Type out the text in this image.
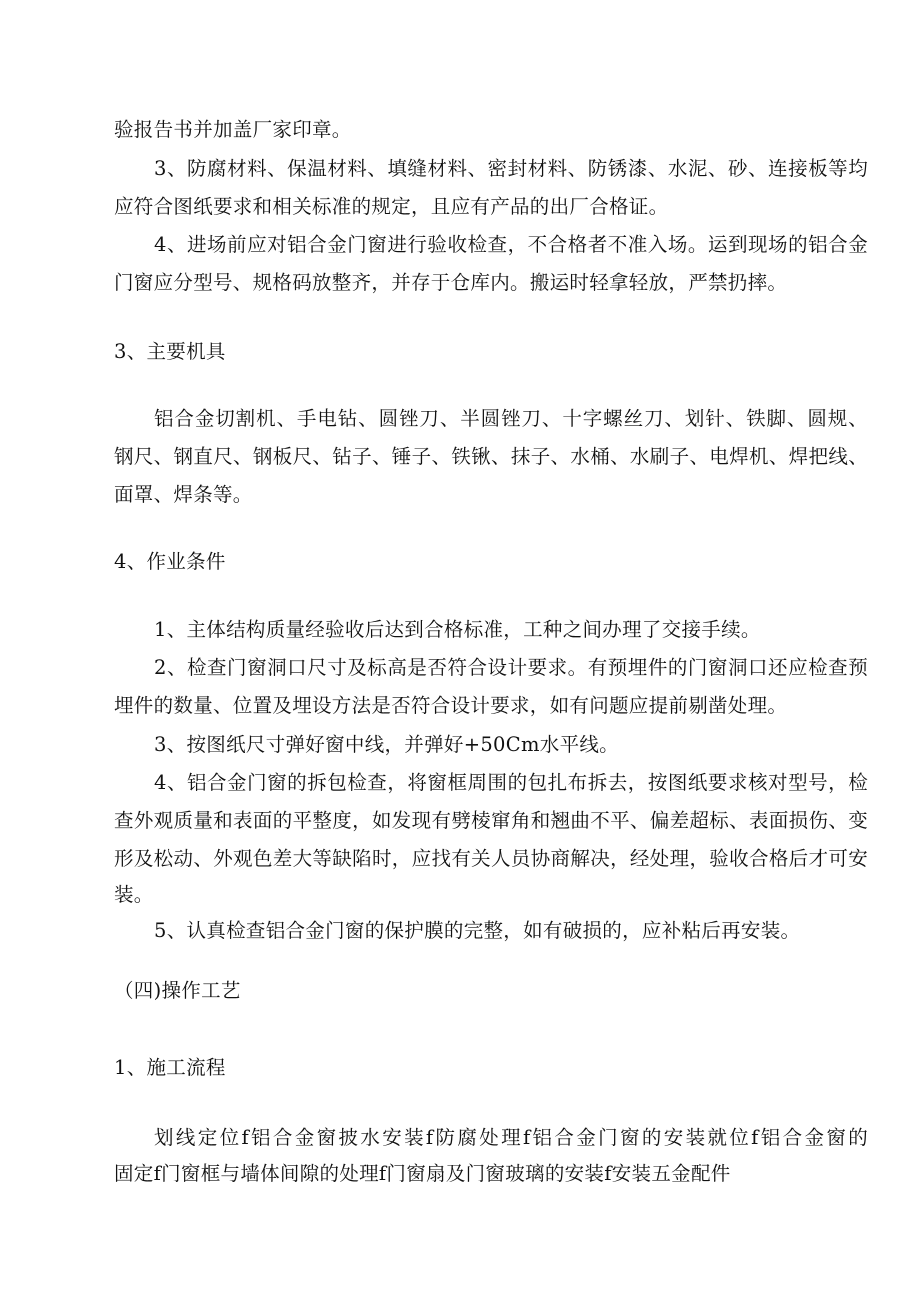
验报告书并加盖厂家印章。

3、防腐材料、保温材料、填缝材料、密封材料、防锈漆、水泥、砂、连接板等均

应符合图纸要求和相关标准的规定，且应有产品的出厂合格证。

4、进场前应对铝合金门窗进行验收检查，不合格者不准入场。运到现场的铝合金

门窗应分型号、规格码放整齐，并存于仓库内。搬运时轻拿轻放，严禁扔摔。

3、主要机具

铝合金切割机、手电钻、圆锉刀、半圆锉刀、十字螺丝刀、划针、铁脚、圆规、

钢尺、钢直尺、钢板尺、钻子、锤子、铁锹、抹子、水桶、水刷子、电焊机、焊把线、

面罩、焊条等。

4、作业条件

1、主体结构质量经验收后达到合格标准，工种之间办理了交接手续。

2、检查门窗洞口尺寸及标高是否符合设计要求。有预埋件的门窗洞口还应检查预

埋件的数量、位置及埋设方法是否符合设计要求，如有问题应提前剔凿处理。

3、按图纸尺寸弹好窗中线，并弹好+50Cm水平线。

4、铝合金门窗的拆包检查，将窗框周围的包扎布拆去，按图纸要求核对型号，检

查外观质量和表面的平整度，如发现有劈棱窜角和翘曲不平、偏差超标、表面损伤、变

形及松动、外观色差大等缺陷时，应找有关人员协商解决，经处理，验收合格后才可安

装。

5、认真检查铝合金门窗的保护膜的完整，如有破损的，应补粘后再安装。

（四)操作工艺

1、施工流程

划线定位f铝合金窗披水安装f防腐处理f铝合金门窗的安装就位f铝合金窗的

固定f门窗框与墙体间隙的处理f门窗扇及门窗玻璃的安装f安装五金配件
